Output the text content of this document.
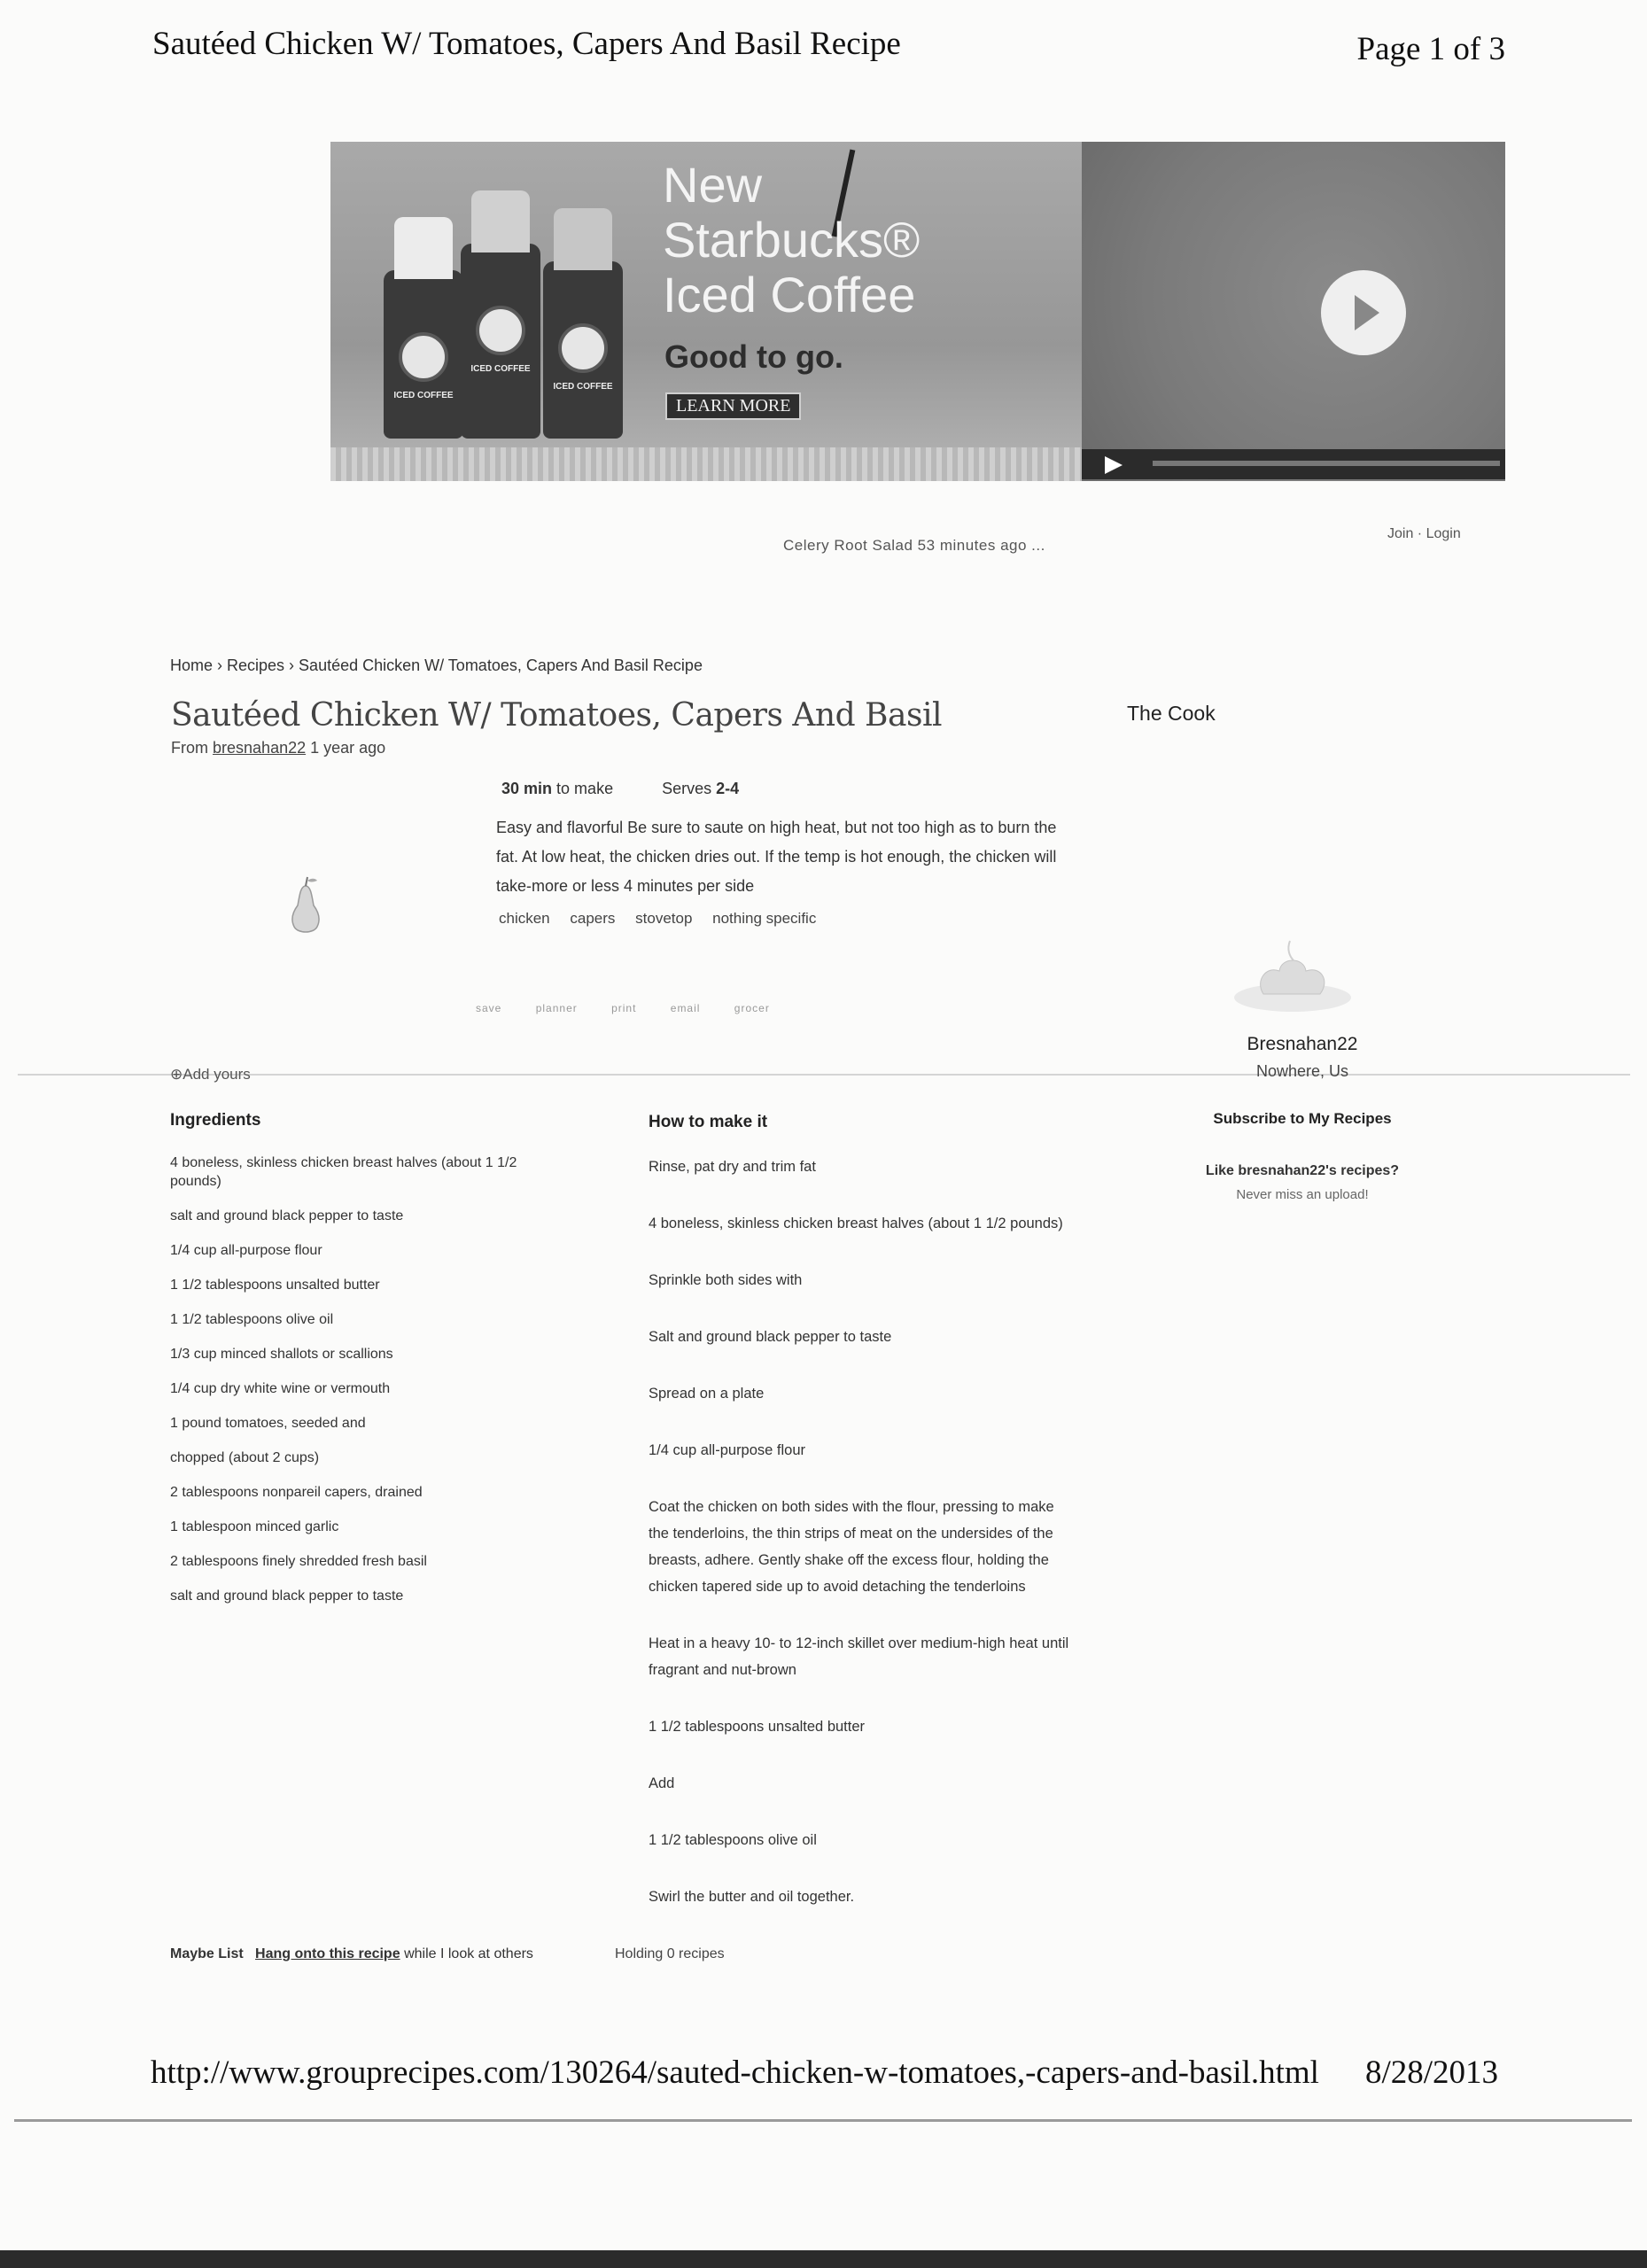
Sautéed Chicken W/ Tomatoes, Capers And Basil Recipe	Page 1 of 3
ICED COFFEE
ICED COFFEE
ICED COFFEE
New
Starbucks®
Iced Coffee
Good to go.
LEARN MORE
Celery Root Salad 53 minutes ago ...
Join · Login
Home › Recipes › Sautéed Chicken W/ Tomatoes, Capers And Basil Recipe
Sautéed Chicken W/ Tomatoes, Capers And Basil
From bresnahan22 1 year ago
The Cook
30 min to make	Serves 2-4
Easy and flavorful Be sure to saute on high heat, but not too high as to burn the fat. At low heat, the chicken dries out. If the temp is hot enough, the chicken will take-more or less 4 minutes per side
chicken capers stovetop nothing specific
save	planner	print	email	grocer
⊕Add yours
Bresnahan22
Nowhere, Us
Subscribe to My Recipes
Like bresnahan22's recipes?
Never miss an upload!
Ingredients
4 boneless, skinless chicken breast halves (about 1 1/2 pounds)
salt and ground black pepper to taste
1/4 cup all-purpose flour
1 1/2 tablespoons unsalted butter
1 1/2 tablespoons olive oil
1/3 cup minced shallots or scallions
1/4 cup dry white wine or vermouth
1 pound tomatoes, seeded and
chopped (about 2 cups)
2 tablespoons nonpareil capers, drained
1 tablespoon minced garlic
2 tablespoons finely shredded fresh basil
salt and ground black pepper to taste
How to make it
Rinse, pat dry and trim fat
4 boneless, skinless chicken breast halves (about 1 1/2 pounds)
Sprinkle both sides with
Salt and ground black pepper to taste
Spread on a plate
1/4 cup all-purpose flour
Coat the chicken on both sides with the flour, pressing to make the tenderloins, the thin strips of meat on the undersides of the breasts, adhere. Gently shake off the excess flour, holding the chicken tapered side up to avoid detaching the tenderloins
Heat in a heavy 10- to 12-inch skillet over medium-high heat until fragrant and nut-brown
1 1/2 tablespoons unsalted butter
Add
1 1/2 tablespoons olive oil
Swirl the butter and oil together.
Maybe List Hang onto this recipe while I look at others	Holding 0 recipes
http://www.grouprecipes.com/130264/sauted-chicken-w-tomatoes,-capers-and-basil.html 8/28/2013
